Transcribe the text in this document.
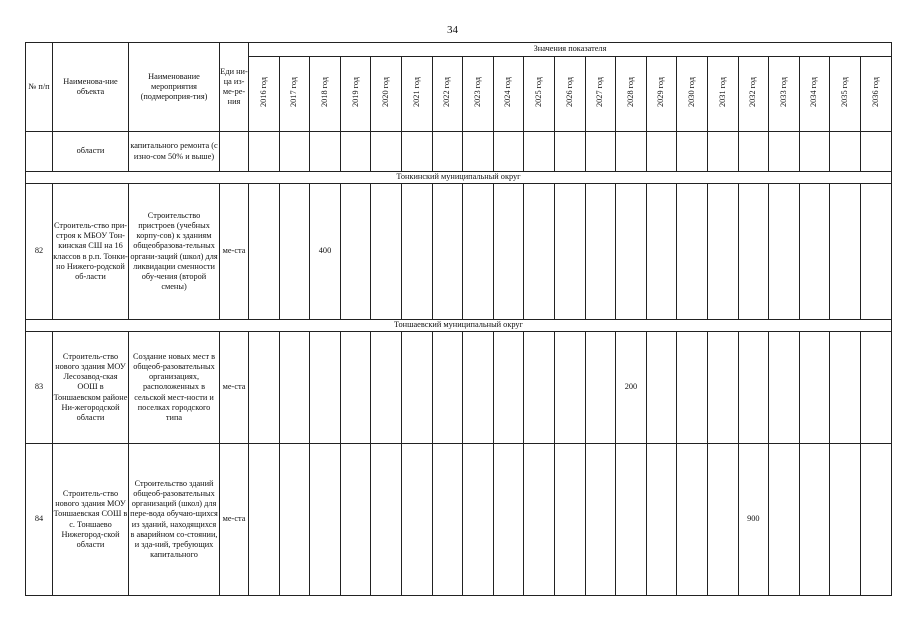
34
№ п/п	Наименова-ние объекта	Наименование мероприятия (подмероприя-тия)	Еди ни-ца из-ме-ре-ния	Значения показателя																				
				2016 год	2017 год	2018 год	2019 год	2020 год	2021 год	2022 год	2023 год	2024 год	2025 год	2026 год	2027 год	2028 год	2029 год	2030 год	2031 год	2032 год	2033 год	2034 год	2035 год	2036 год
	области	капитального ремонта (с изно-сом 50% и выше)																						
Тонкинский муниципальный округ																								
82	Строитель-ство при-строя к МБОУ Тон-кинская СШ на 16 классов в р.п. Тонки-но Нижего-родской об-ласти	Строительство пристроев (учебных корпу-сов) к зданиям общеобразова-тельных органи-заций (школ) для ликвидации сменности обу-чения (второй смены)	ме-ста			400																		
Тоншаевский муниципальный округ																								
83	Строитель-ство нового здания МОУ Лесозавод-ская ООШ в Тоншаевском районе Ни-жегородской области	Создание новых мест в общеоб-разовательных организациях, расположенных в сельской мест-ности и поселках городского типа	ме-ста													200								
84	Строитель-ство нового здания МОУ Тоншаевская СОШ в с. Тоншаево Нижегород-ской области	Строительство зданий общеоб-разовательных организаций (школ) для пере-вода обучаю-щихся из зданий, находящихся в аварийном со-стоянии, и зда-ний, требующих капитального	ме-ста																	900				
